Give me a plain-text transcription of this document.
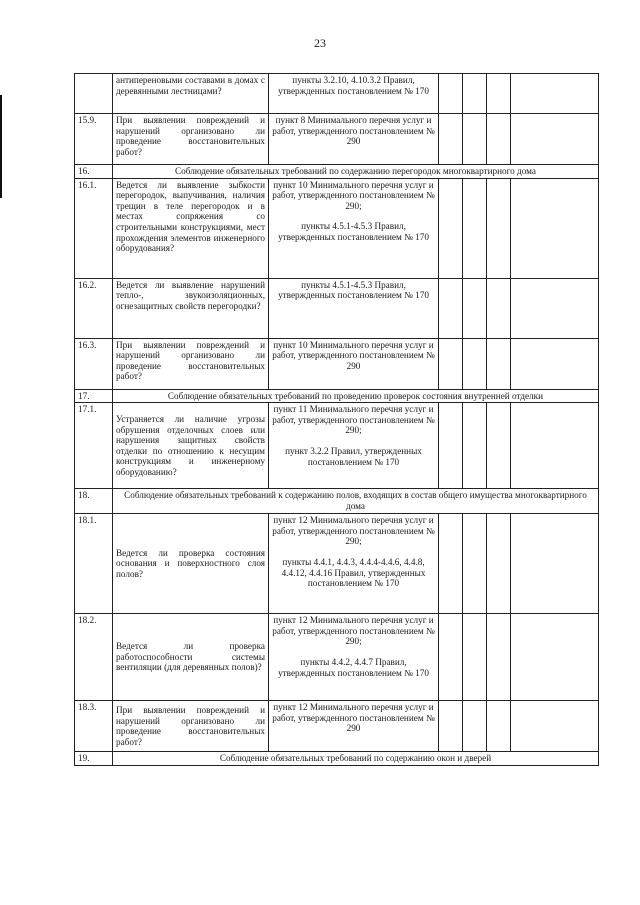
23
	антипереновыми составами в домах с деревянными лестницами?	пункты 3.2.10, 4.10.3.2 Правил, утвержденных постановлением № 170				

15.9.	При выявлении повреждений и нарушений организовано ли проведение восстановительных работ?	пункт 8 Минимального перечня услуг и работ, утвержденного постановлением № 290				

16.	Соблюдение обязательных требований по содержанию перегородок многоквартирного дома					
16.1.	Ведется ли выявление зыбкости перегородок, выпучивания, наличия трещин в теле перегородок и в местах сопряжения со строительными конструкциями, мест прохождения элементов инженерного оборудования?	пункт 10 Минимального перечня услуг и работ, утвержденного постановлением № 290;
пункты 4.5.1-4.5.3 Правил, утвержденных постановлением № 170				

16.2.	Ведется ли выявление нарушений тепло-, звукоизоляционных, огнезащитных свойств перегородки?	пункты 4.5.1-4.5.3 Правил, утвержденных постановлением № 170				

16.3.	При выявлении повреждений и нарушений организовано ли проведение восстановительных работ?	пункт 10 Минимального перечня услуг и работ, утвержденного постановлением № 290				

17.	Соблюдение обязательных требований по проведению проверок состояния внутренней отделки					
17.1.	Устраняется ли наличие угрозы обрушения отделочных слоев или нарушения защитных свойств отделки по отношению к несущим конструкциям и инженерному оборудованию?	пункт 11 Минимального перечня услуг и работ, утвержденного постановлением № 290;
пункт 3.2.2 Правил, утвержденных постановлением № 170				

18.	Соблюдение обязательных требований к содержанию полов, входящих в состав общего имущества многоквартирного дома					
18.1.	Ведется ли проверка состояния основания и поверхностного слоя полов?	пункт 12 Минимального перечня услуг и работ, утвержденного постановлением № 290;
пункты 4.4.1, 4.4.3, 4.4.4-4.4.6, 4.4.8, 4.4.12, 4.4.16 Правил, утвержденных постановлением № 170				

18.2.	Ведется ли проверка работоспособности системы вентиляции (для деревянных полов)?	пункт 12 Минимального перечня услуг и работ, утвержденного постановлением № 290;
пункты 4.4.2, 4.4.7 Правил, утвержденных постановлением № 170				

18.3.	При выявлении повреждений и нарушений организовано ли проведение восстановительных работ?	пункт 12 Минимального перечня услуг и работ, утвержденного постановлением № 290				

19.	Соблюдение обязательных требований по содержанию окон и дверей					
